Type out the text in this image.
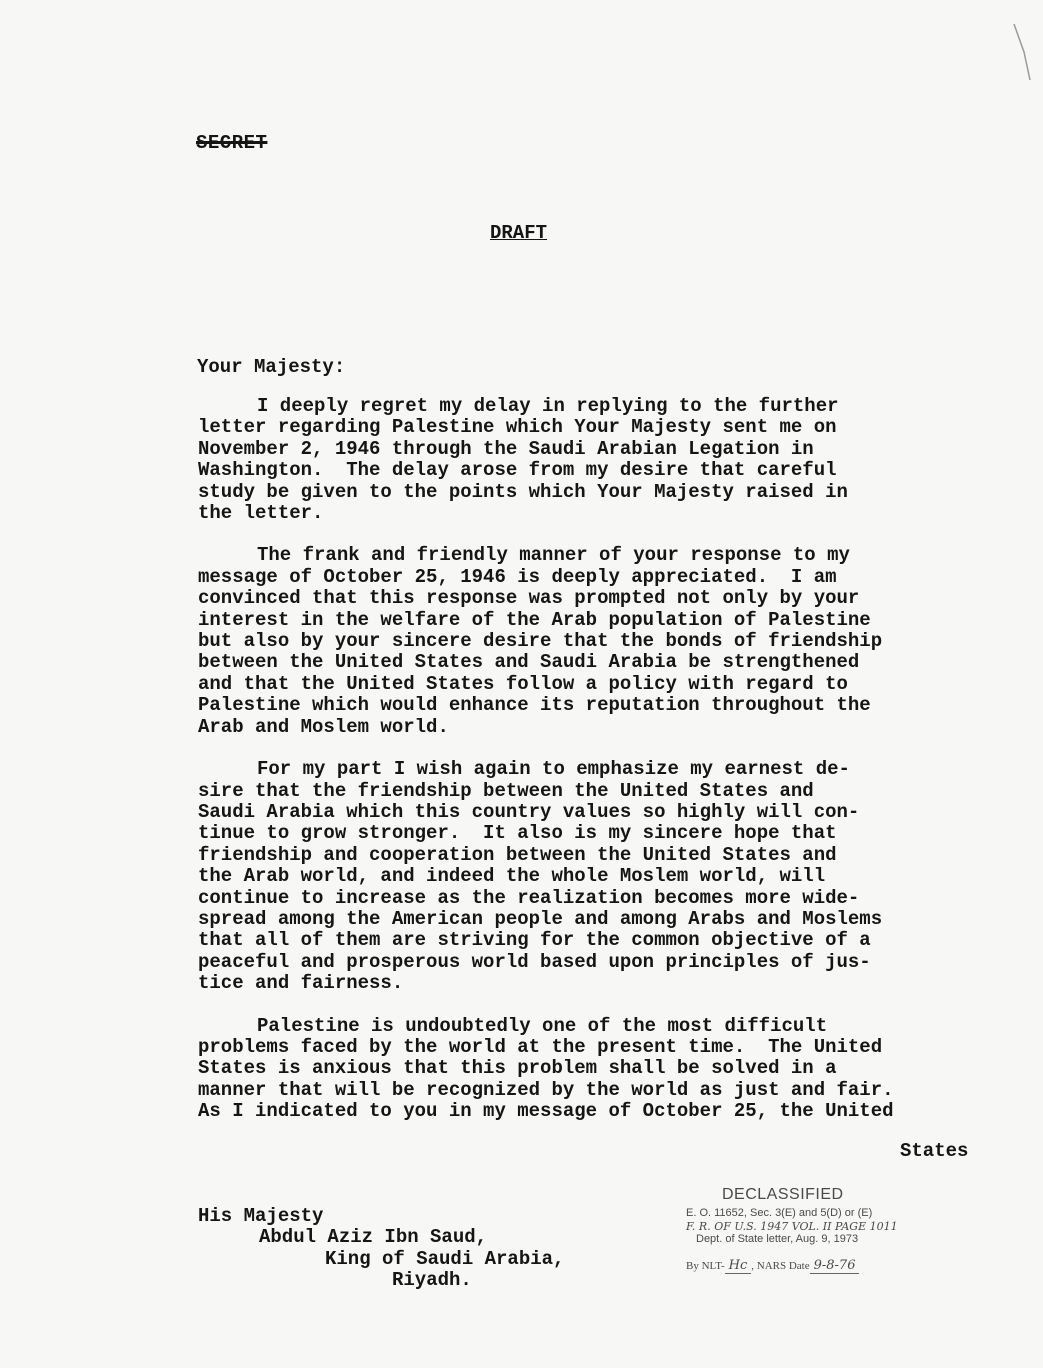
SECRET
DRAFT
Your Majesty:
I deeply regret my delay in replying to the further
letter regarding Palestine which Your Majesty sent me on
November 2, 1946 through the Saudi Arabian Legation in
Washington.  The delay arose from my desire that careful
study be given to the points which Your Majesty raised in
the letter.
The frank and friendly manner of your response to my
message of October 25, 1946 is deeply appreciated.  I am
convinced that this response was prompted not only by your
interest in the welfare of the Arab population of Palestine
but also by your sincere desire that the bonds of friendship
between the United States and Saudi Arabia be strengthened
and that the United States follow a policy with regard to
Palestine which would enhance its reputation throughout the
Arab and Moslem world.
For my part I wish again to emphasize my earnest de-
sire that the friendship between the United States and
Saudi Arabia which this country values so highly will con-
tinue to grow stronger.  It also is my sincere hope that
friendship and cooperation between the United States and
the Arab world, and indeed the whole Moslem world, will
continue to increase as the realization becomes more wide-
spread among the American people and among Arabs and Moslems
that all of them are striving for the common objective of a
peaceful and prosperous world based upon principles of jus-
tice and fairness.
Palestine is undoubtedly one of the most difficult
problems faced by the world at the present time.  The United
States is anxious that this problem shall be solved in a
manner that will be recognized by the world as just and fair.
As I indicated to you in my message of October 25, the United
States
His Majesty
Abdul Aziz Ibn Saud,
King of Saudi Arabia,
Riyadh.
DECLASSIFIED
E. O. 11652, Sec. 3(E) and 5(D) or (E)
F. R. OF U.S. 1947 VOL. II PAGE 1011
Dept. of State letter, Aug. 9, 1973
By NLT- Hc , NARS Date 9-8-76
